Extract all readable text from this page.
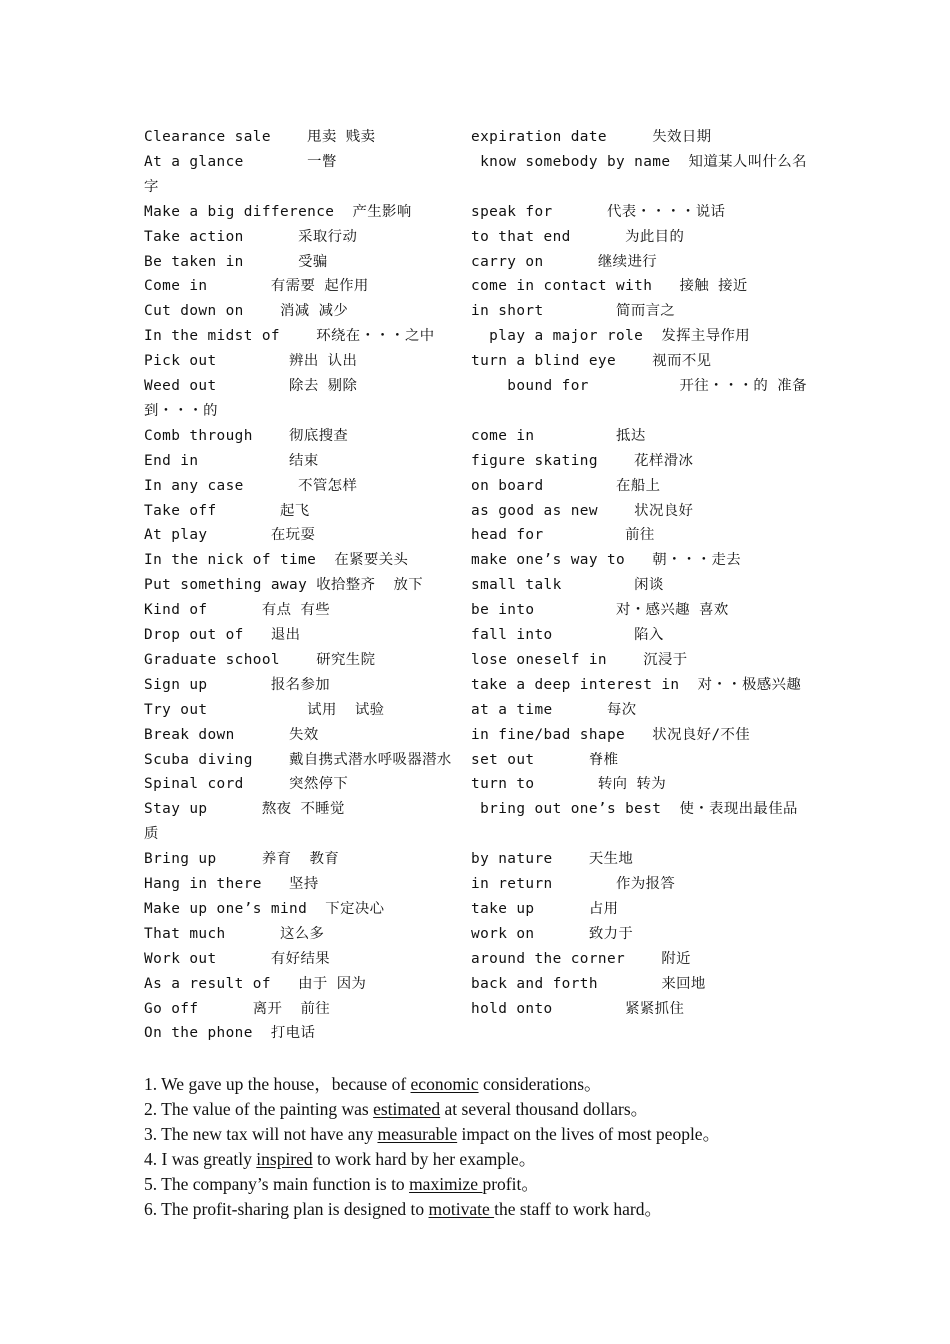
Clearance sale    甩卖 贱卖	expiration date     失效日期
At a glance       一瞥	know somebody by name  知道某人叫什么名
字
Make a big difference  产生影响	speak for      代表・・・・说话
Take action      采取行动	to that end      为此目的
Be taken in      受骗	carry on      继续进行
Come in       有需要 起作用	come in contact with   接触 接近
Cut down on    消减 减少	in short        简而言之
In the midst of    环绕在・・・之中	play a major role  发挥主导作用
Pick out        辨出 认出	turn a blind eye    视而不见
Weed out        除去 剔除	bound for          开往・・・的 准备
到・・・的
Comb through    彻底搜查	come in         抵达
End in          结束	figure skating    花样滑冰
In any case      不管怎样	on board        在船上
Take off       起飞	as good as new    状况良好
At play       在玩耍	head for         前往
In the nick of time  在紧要关头	make one’s way to   朝・・・走去
Put something away 收拾整齐  放下	small talk        闲谈
Kind of      有点 有些	be into         对・感兴趣 喜欢
Drop out of   退出	fall into         陷入
Graduate school    研究生院	lose oneself in    沉浸于
Sign up       报名参加	take a deep interest in  对・・极感兴趣
Try out           试用  试验	at a time      每次
Break down      失效	in fine/bad shape   状况良好/不佳
Scuba diving    戴自携式潜水呼吸器潜水 set out      脊椎
Spinal cord     突然停下	turn to       转向 转为
Stay up      熬夜 不睡觉	bring out one’s best  使・表现出最佳品
质
Bring up     养育  教育	by nature    天生地
Hang in there   坚持	in return       作为报答
Make up one’s mind  下定决心	take up      占用
That much      这么多	work on      致力于
Work out      有好结果	around the corner    附近
As a result of   由于 因为	back and forth       来回地
Go off      离开  前往	hold onto        紧紧抓住
On the phone  打电话
1. We gave up the house，because of economic considerations。
2. The value of the painting was estimated at several thousand dollars。
3. The new tax will not have any measurable impact on the lives of most people。
4. I was greatly inspired to work hard by her example。
5. The company’s main function is to maximize profit。
6. The profit-sharing plan is designed to motivate the staff to work hard。
